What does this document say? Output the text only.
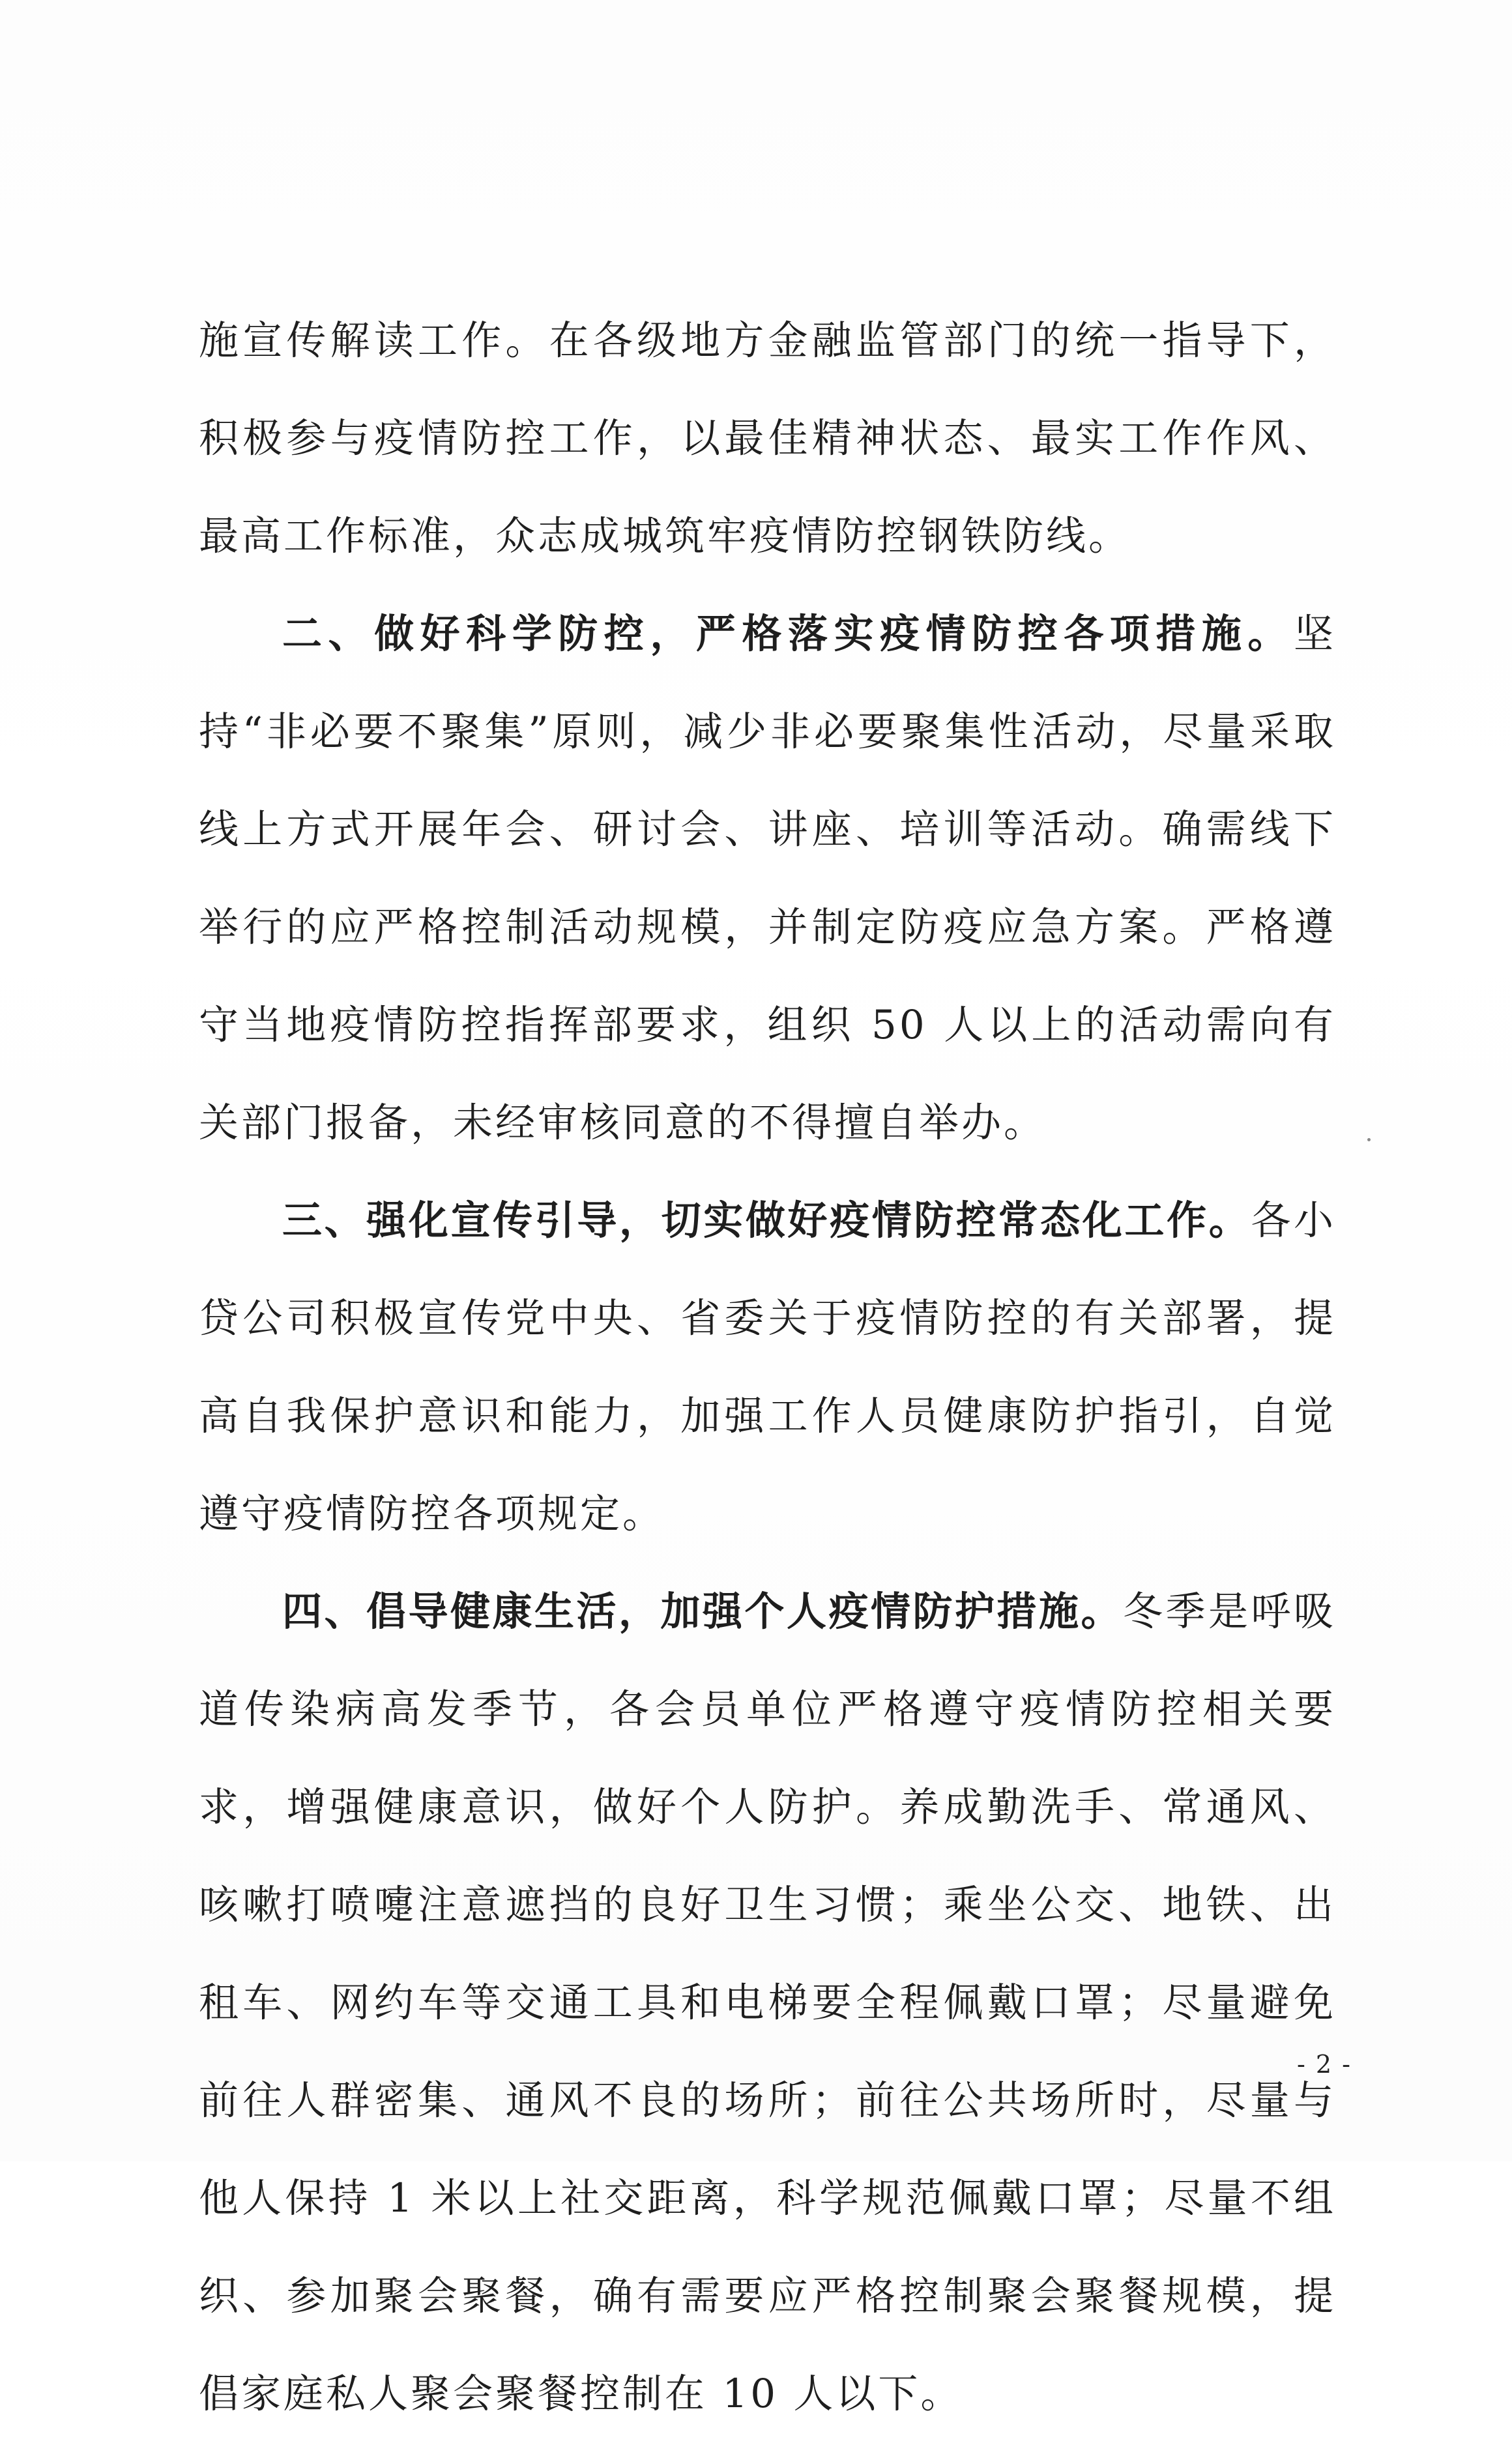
施宣传解读工作。在各级地方金融监管部门的统一指导下，积极参与疫情防控工作，以最佳精神状态、最实工作作风、最高工作标准，众志成城筑牢疫情防控钢铁防线。

二、做好科学防控，严格落实疫情防控各项措施。坚持“非必要不聚集”原则，减少非必要聚集性活动，尽量采取线上方式开展年会、研讨会、讲座、培训等活动。确需线下举行的应严格控制活动规模，并制定防疫应急方案。严格遵守当地疫情防控指挥部要求，组织 50 人以上的活动需向有关部门报备，未经审核同意的不得擅自举办。

三、强化宣传引导，切实做好疫情防控常态化工作。各小贷公司积极宣传党中央、省委关于疫情防控的有关部署，提高自我保护意识和能力，加强工作人员健康防护指引，自觉遵守疫情防控各项规定。

四、倡导健康生活，加强个人疫情防护措施。冬季是呼吸道传染病高发季节，各会员单位严格遵守疫情防控相关要求，增强健康意识，做好个人防护。养成勤洗手、常通风、咳嗽打喷嚏注意遮挡的良好卫生习惯；乘坐公交、地铁、出租车、网约车等交通工具和电梯要全程佩戴口罩；尽量避免前往人群密集、通风不良的场所；前往公共场所时，尽量与他人保持 1 米以上社交距离，科学规范佩戴口罩；尽量不组织、参加聚会聚餐，确有需要应严格控制聚会聚餐规模，提倡家庭私人聚会聚餐控制在 10 人以下。

- 2 -
